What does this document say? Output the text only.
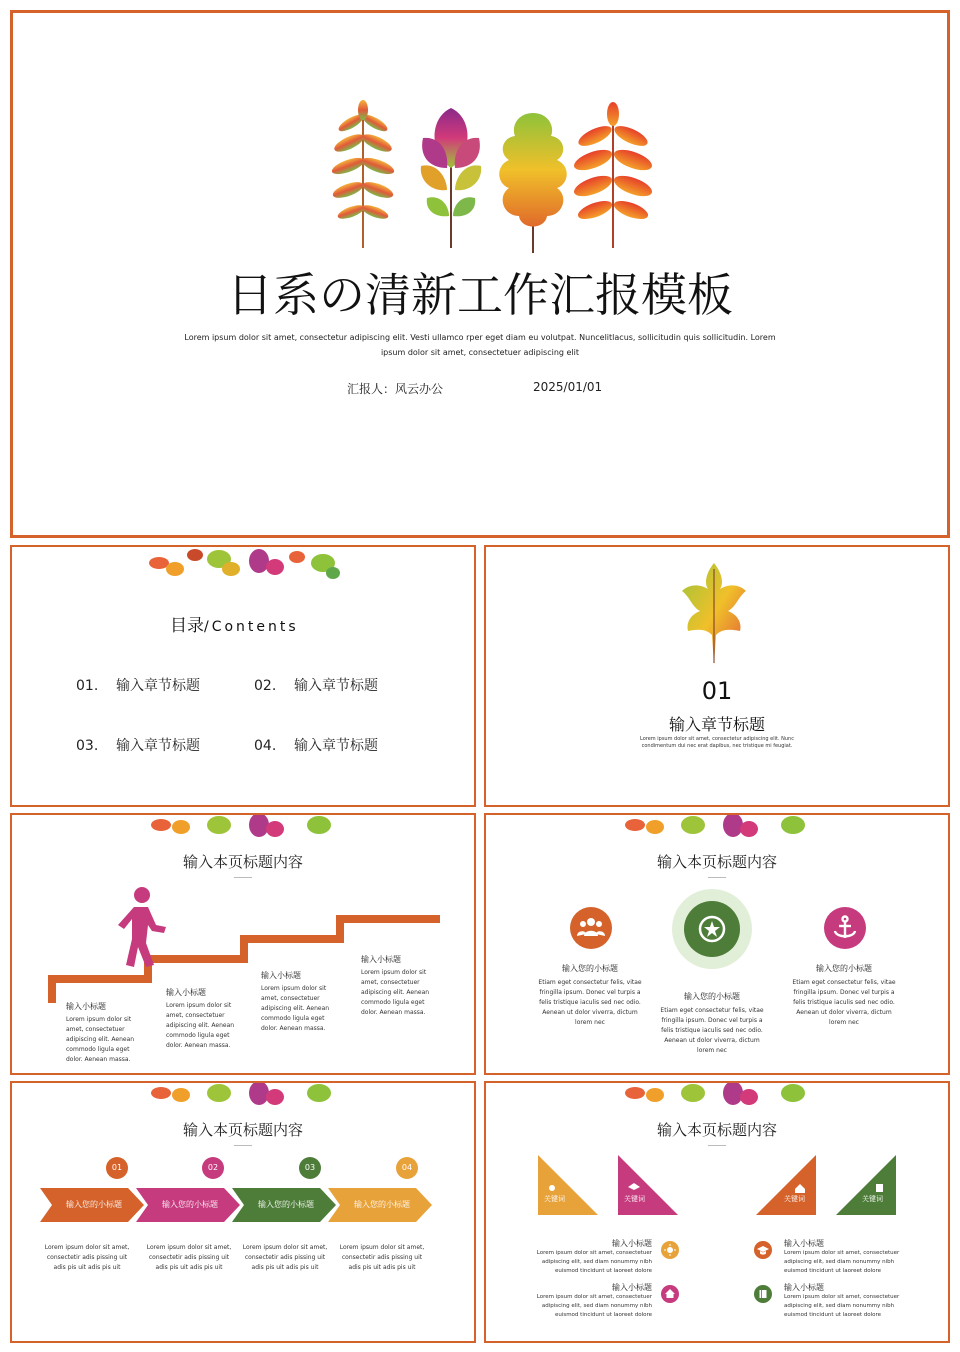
日系の清新工作汇报模板
Lorem ipsum dolor sit amet, consectetur adipiscing elit. Vesti ullamco rper eget diam eu volutpat. Nuncelitlacus, sollicitudin quis sollicitudin. Lorem ipsum dolor sit amet, consectetuer adipiscing elit
汇报人：风云办公	2025/01/01
目录/Contents
01. 输入章节标题	02. 输入章节标题
03. 输入章节标题	04. 输入章节标题
01
输入章节标题
Lorem ipsum dolor sit amet, consectetur adipiscing elit. Nunc condimentum dui nec erat dapibus, nec tristique mi feugiat.
输入本页标题内容
输入小标题
Lorem ipsum dolor sit amet, consectetuer adipiscing elit. Aenean commodo ligula eget dolor. Aenean massa.
输入小标题
Lorem ipsum dolor sit amet, consectetuer adipiscing elit. Aenean commodo ligula eget dolor. Aenean massa.
输入小标题
Lorem ipsum dolor sit amet, consectetuer adipiscing elit. Aenean commodo ligula eget dolor. Aenean massa.
输入小标题
Lorem ipsum dolor sit amet, consectetuer adipiscing elit. Aenean commodo ligula eget dolor. Aenean massa.
输入本页标题内容
输入您的小标题
Etiam eget consectetur felis, vitae fringilla ipsum. Donec vel turpis a felis tristique iaculis sed nec odio. Aenean ut dolor viverra, dictum lorem nec
输入您的小标题
Etiam eget consectetur felis, vitae fringilla ipsum. Donec vel turpis a felis tristique iaculis sed nec odio. Aenean ut dolor viverra, dictum lorem nec
输入您的小标题
Etiam eget consectetur felis, vitae fringilla ipsum. Donec vel turpis a felis tristique iaculis sed nec odio. Aenean ut dolor viverra, dictum lorem nec
输入本页标题内容
01
输入您的小标题
Lorem ipsum dolor sit amet, consectetir adis pissing uit adis pis uit adis pis uit
02
输入您的小标题
Lorem ipsum dolor sit amet, consectetir adis pissing uit adis pis uit adis pis uit
03
输入您的小标题
Lorem ipsum dolor sit amet, consectetir adis pissing uit adis pis uit adis pis uit
04
输入您的小标题
Lorem ipsum dolor sit amet, consectetir adis pissing uit adis pis uit adis pis uit
输入本页标题内容
关键词	关键词	关键词	关键词
输入小标题
Lorem ipsum dolor sit amet, consectetuer adipiscing elit, sed diam nonummy nibh euismod tincidunt ut laoreet dolore
输入小标题
Lorem ipsum dolor sit amet, consectetuer adipiscing elit, sed diam nonummy nibh euismod tincidunt ut laoreet dolore
输入小标题
Lorem ipsum dolor sit amet, consectetuer adipiscing elit, sed diam nonummy nibh euismod tincidunt ut laoreet dolore
输入小标题
Lorem ipsum dolor sit amet, consectetuer adipiscing elit, sed diam nonummy nibh euismod tincidunt ut laoreet dolore
